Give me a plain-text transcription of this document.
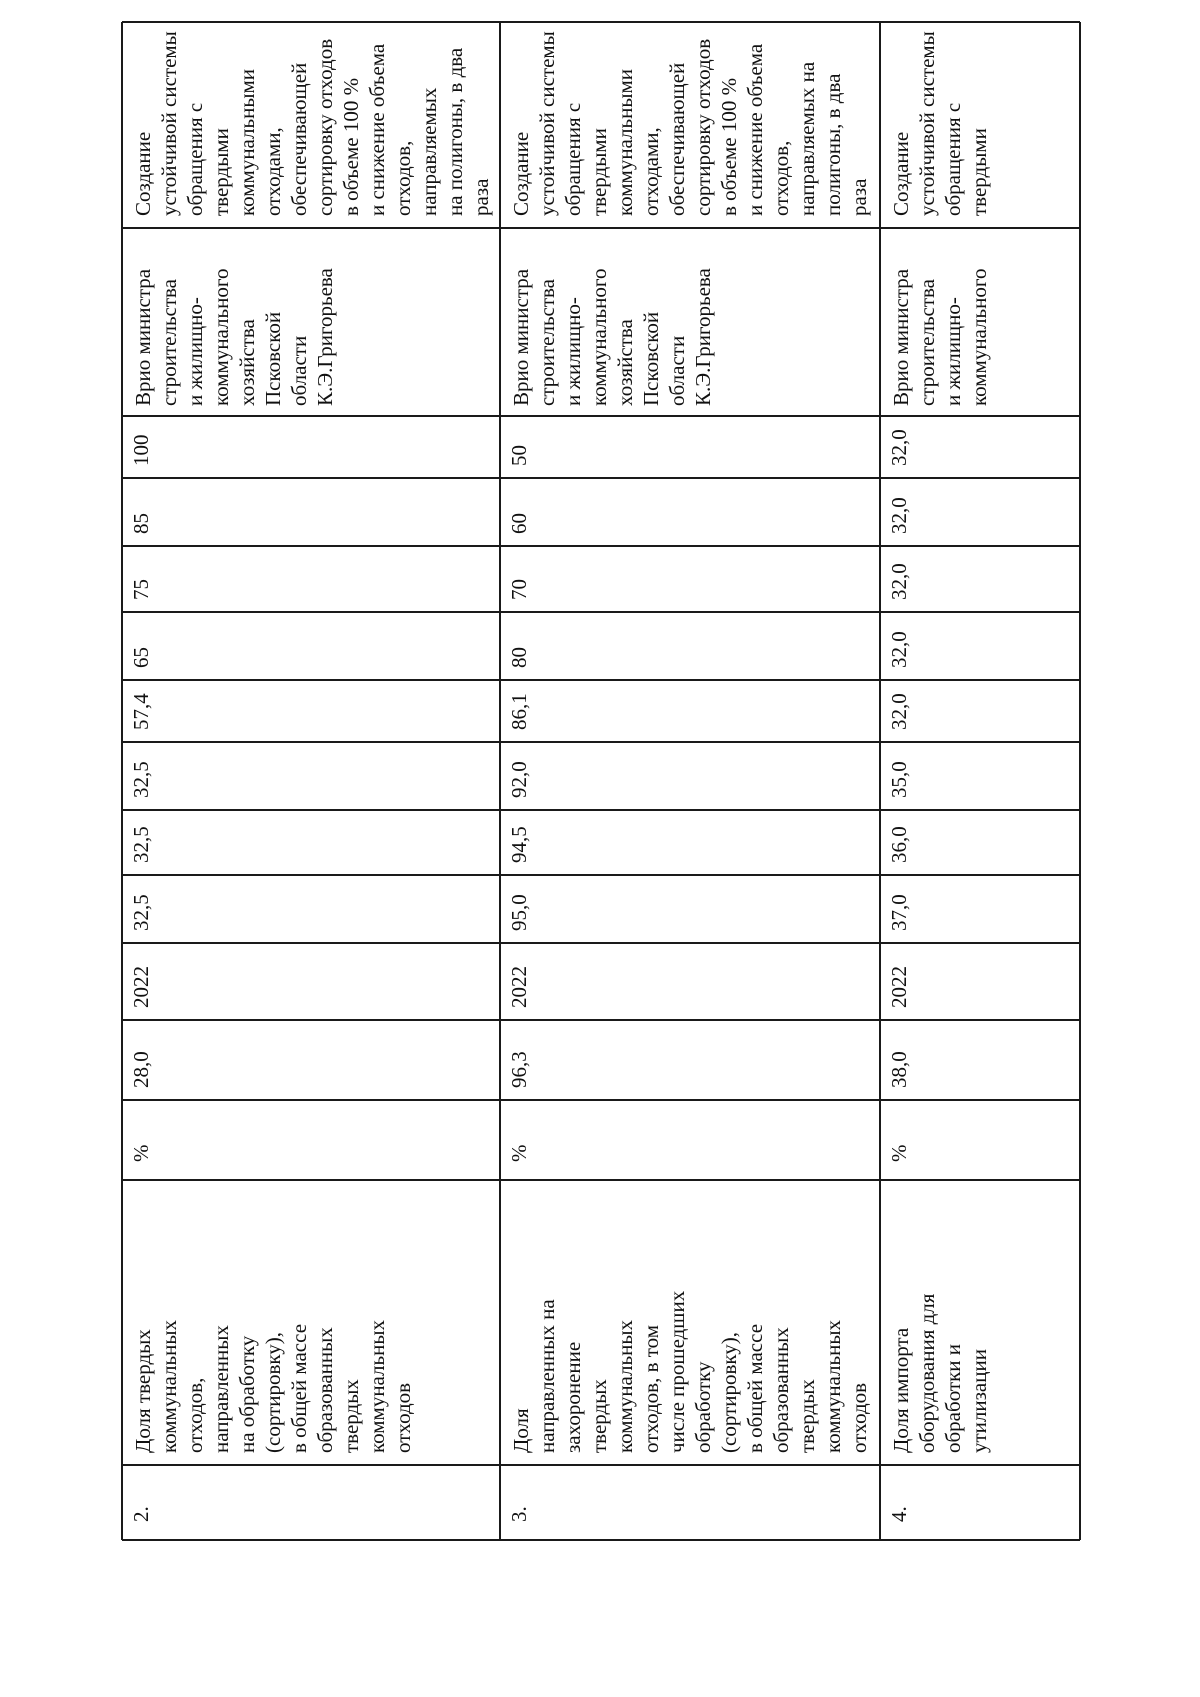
2.
Доля твердых коммунальных отходов, направленных на обработку (сортировку), в общей массе образованных твердых коммунальных отходов
%
28,0
2022
32,5
32,5
32,5
57,4
65
75
85
100
Врио министра строительства и жилищно- коммунального хозяйства Псковской области К.Э.Григорьева
Создание устойчивой системы обращения с твердыми коммунальными отходами, обеспечивающей сортировку отходов в объеме 100 % и снижение объема отходов, направляемых на полигоны, в два раза
3.
Доля направленных на захоронение твердых коммунальных отходов, в том числе прошедших обработку (сортировку), в общей массе образованных твердых коммунальных отходов
%
96,3
2022
95,0
94,5
92,0
86,1
80
70
60
50
Врио министра строительства и жилищно- коммунального хозяйства Псковской области К.Э.Григорьева
Создание устойчивой системы обращения с твердыми коммунальными отходами, обеспечивающей сортировку отходов в объеме 100 % и снижение объема отходов, направляемых на полигоны, в два раза
4.
Доля импорта оборудования для обработки и утилизации
%
38,0
2022
37,0
36,0
35,0
32,0
32,0
32,0
32,0
32,0
Врио министра строительства и жилищно- коммунального
Создание устойчивой системы обращения с твердыми
